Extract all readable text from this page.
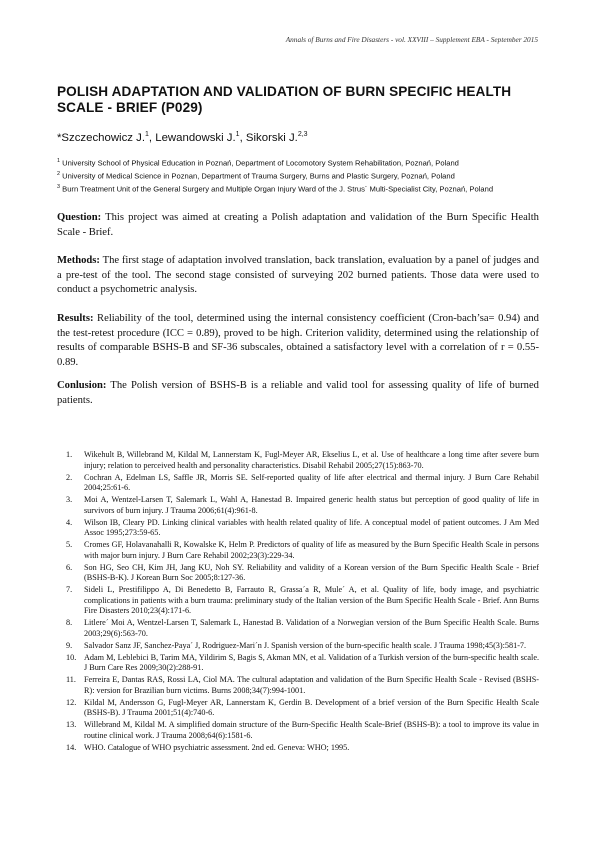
Annals of Burns and Fire Disasters - vol. XXVIII – Supplement EBA - September 2015
POLISH ADAPTATION AND VALIDATION OF BURN SPECIFIC HEALTH SCALE - BRIEF (P029)
*Szczechowicz J.$^1$, Lewandowski J.$^1$, Sikorski J.$^{2,3}$

$^1$ University School of Physical Education in Poznań, Department of Locomotory System Rehabilitation, Poznań, Poland

$^2$ University of Medical Science in Poznan, Department of Trauma Surgery, Burns and Plastic Surgery, Poznań, Poland

$^3$ Burn Treatment Unit of the General Surgery and Multiple Organ Injury Ward of the J. Strus´ Multi-Specialist City, Poznań, Poland

Question: This project was aimed at creating a Polish adaptation and validation of the Burn Specific Health Scale - Brief.

Methods: The first stage of adaptation involved translation, back translation, evaluation by a panel of judges and a pre-test of the tool. The second stage consisted of surveying 202 burned patients. Those data were used to conduct a psychometric analysis.

Results: Reliability of the tool, determined using the internal consistency coefficient (Cron-bach’sa= 0.94) and the test-retest procedure (ICC = 0.89), proved to be high. Criterion validity, determined using the relationship of results of comparable BSHS-B and SF-36 subscales, obtained a satisfactory level with a correlation of r = 0.55-0.89.

Conlusion: The Polish version of BSHS-B is a reliable and valid tool for assessing quality of life of burned patients.

1. Wikehult B, Willebrand M, Kildal M, Lannerstam K, Fugl-Meyer AR, Ekselius L, et al. Use of healthcare a long time after severe burn injury; relation to perceived health and personality characteristics. Disabil Rehabil 2005;27(15):863-70.
2. Cochran A, Edelman LS, Saffle JR, Morris SE. Self-reported quality of life after electrical and thermal injury. J Burn Care Rehabil 2004;25:61-6.
3. Moi A, Wentzel-Larsen T, Salemark L, Wahl A, Hanestad B. Impaired generic health status but perception of good quality of life in survivors of burn injury. J Trauma 2006;61(4):961-8.
4. Wilson IB, Cleary PD. Linking clinical variables with health related quality of life. A conceptual model of patient outcomes. J Am Med Assoc 1995;273:59-65.
5. Cromes GF, Holavanahalli R, Kowalske K, Helm P. Predictors of quality of life as measured by the Burn Specific Health Scale in persons with major burn injury. J Burn Care Rehabil 2002;23(3):229-34.
6. Son HG, Seo CH, Kim JH, Jang KU, Noh SY. Reliability and validity of a Korean version of the Burn Specific Health Scale - Brief (BSHS-B-K). J Korean Burn Soc 2005;8:127-36.
7. Sideli L, Prestifilippo A, Di Benedetto B, Farrauto R, Grassa´a R, Mule´ A, et al. Quality of life, body image, and psychiatric complications in patients with a burn trauma: preliminary study of the Italian version of the Burn Specific Health Scale - Brief. Ann Burns Fire Disasters 2010;23(4):171-6.
8. Litlere´ Moi A, Wentzel-Larsen T, Salemark L, Hanestad B. Validation of a Norwegian version of the Burn Specific Health Scale. Burns 2003;29(6):563-70.
9. Salvador Sanz JF, Sanchez-Paya´ J, Rodriguez-Mari´n J. Spanish version of the burn-specific health scale. J Trauma 1998;45(3):581-7.
10. Adam M, Leblebici B, Tarim MA, Yildirim S, Bagis S, Akman MN, et al. Validation of a Turkish version of the burn-specific health scale. J Burn Care Res 2009;30(2):288-91.
11. Ferreira E, Dantas RAS, Rossi LA, Ciol MA. The cultural adaptation and validation of the Burn Specific Health Scale - Revised (BSHS-R): version for Brazilian burn victims. Burns 2008;34(7):994-1001.
12. Kildal M, Andersson G, Fugl-Meyer AR, Lannerstam K, Gerdin B. Development of a brief version of the Burn Specific Health Scale (BSHS-B). J Trauma 2001;51(4):740-6.
13. Willebrand M, Kildal M. A simplified domain structure of the Burn-Specific Health Scale-Brief (BSHS-B): a tool to improve its value in routine clinical work. J Trauma 2008;64(6):1581-6.
14. WHO. Catalogue of WHO psychiatric assessment. 2nd ed. Geneva: WHO; 1995.
